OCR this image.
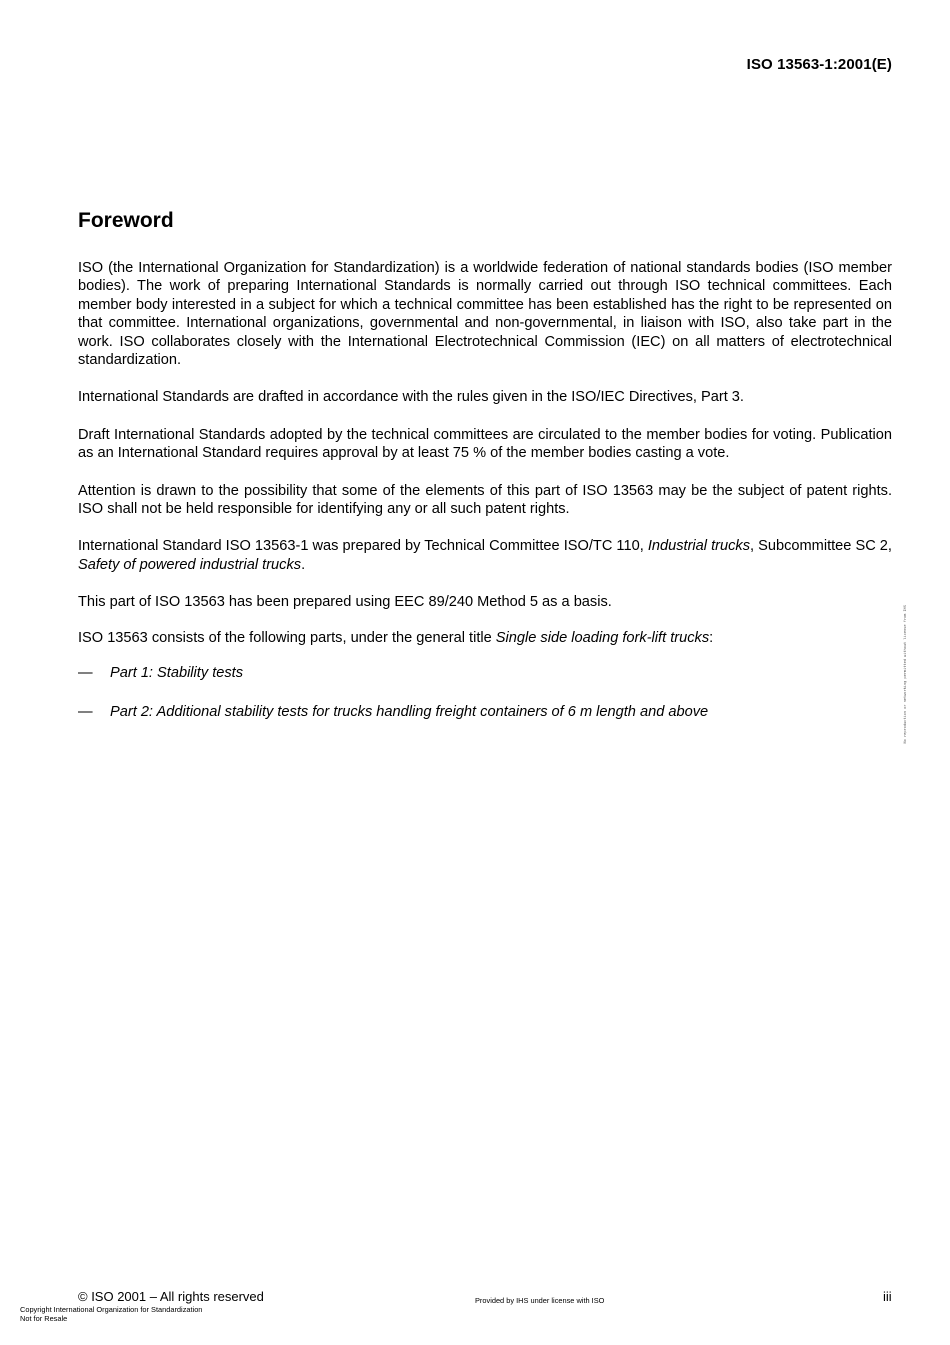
ISO 13563-1:2001(E)
Foreword

ISO (the International Organization for Standardization) is a worldwide federation of national standards bodies (ISO member bodies). The work of preparing International Standards is normally carried out through ISO technical committees. Each member body interested in a subject for which a technical committee has been established has the right to be represented on that committee. International organizations, governmental and non-governmental, in liaison with ISO, also take part in the work. ISO collaborates closely with the International Electrotechnical Commission (IEC) on all matters of electrotechnical standardization.

International Standards are drafted in accordance with the rules given in the ISO/IEC Directives, Part 3.

Draft International Standards adopted by the technical committees are circulated to the member bodies for voting. Publication as an International Standard requires approval by at least 75 % of the member bodies casting a vote.

Attention is drawn to the possibility that some of the elements of this part of ISO 13563 may be the subject of patent rights. ISO shall not be held responsible for identifying any or all such patent rights.

International Standard ISO 13563-1 was prepared by Technical Committee ISO/TC 110, Industrial trucks, Subcommittee SC 2, Safety of powered industrial trucks.

This part of ISO 13563 has been prepared using EEC 89/240 Method 5 as a basis.

ISO 13563 consists of the following parts, under the general title Single side loading fork-lift trucks:

—	Part 1: Stability tests
—	Part 2: Additional stability tests for trucks handling freight containers of 6 m length and above	No reproduction or networking permitted without license from IHS
© ISO 2001 – All rights reserved	Provided by IHS under license with ISO	iii
Copyright International Organization for Standardization
Not for Resale
